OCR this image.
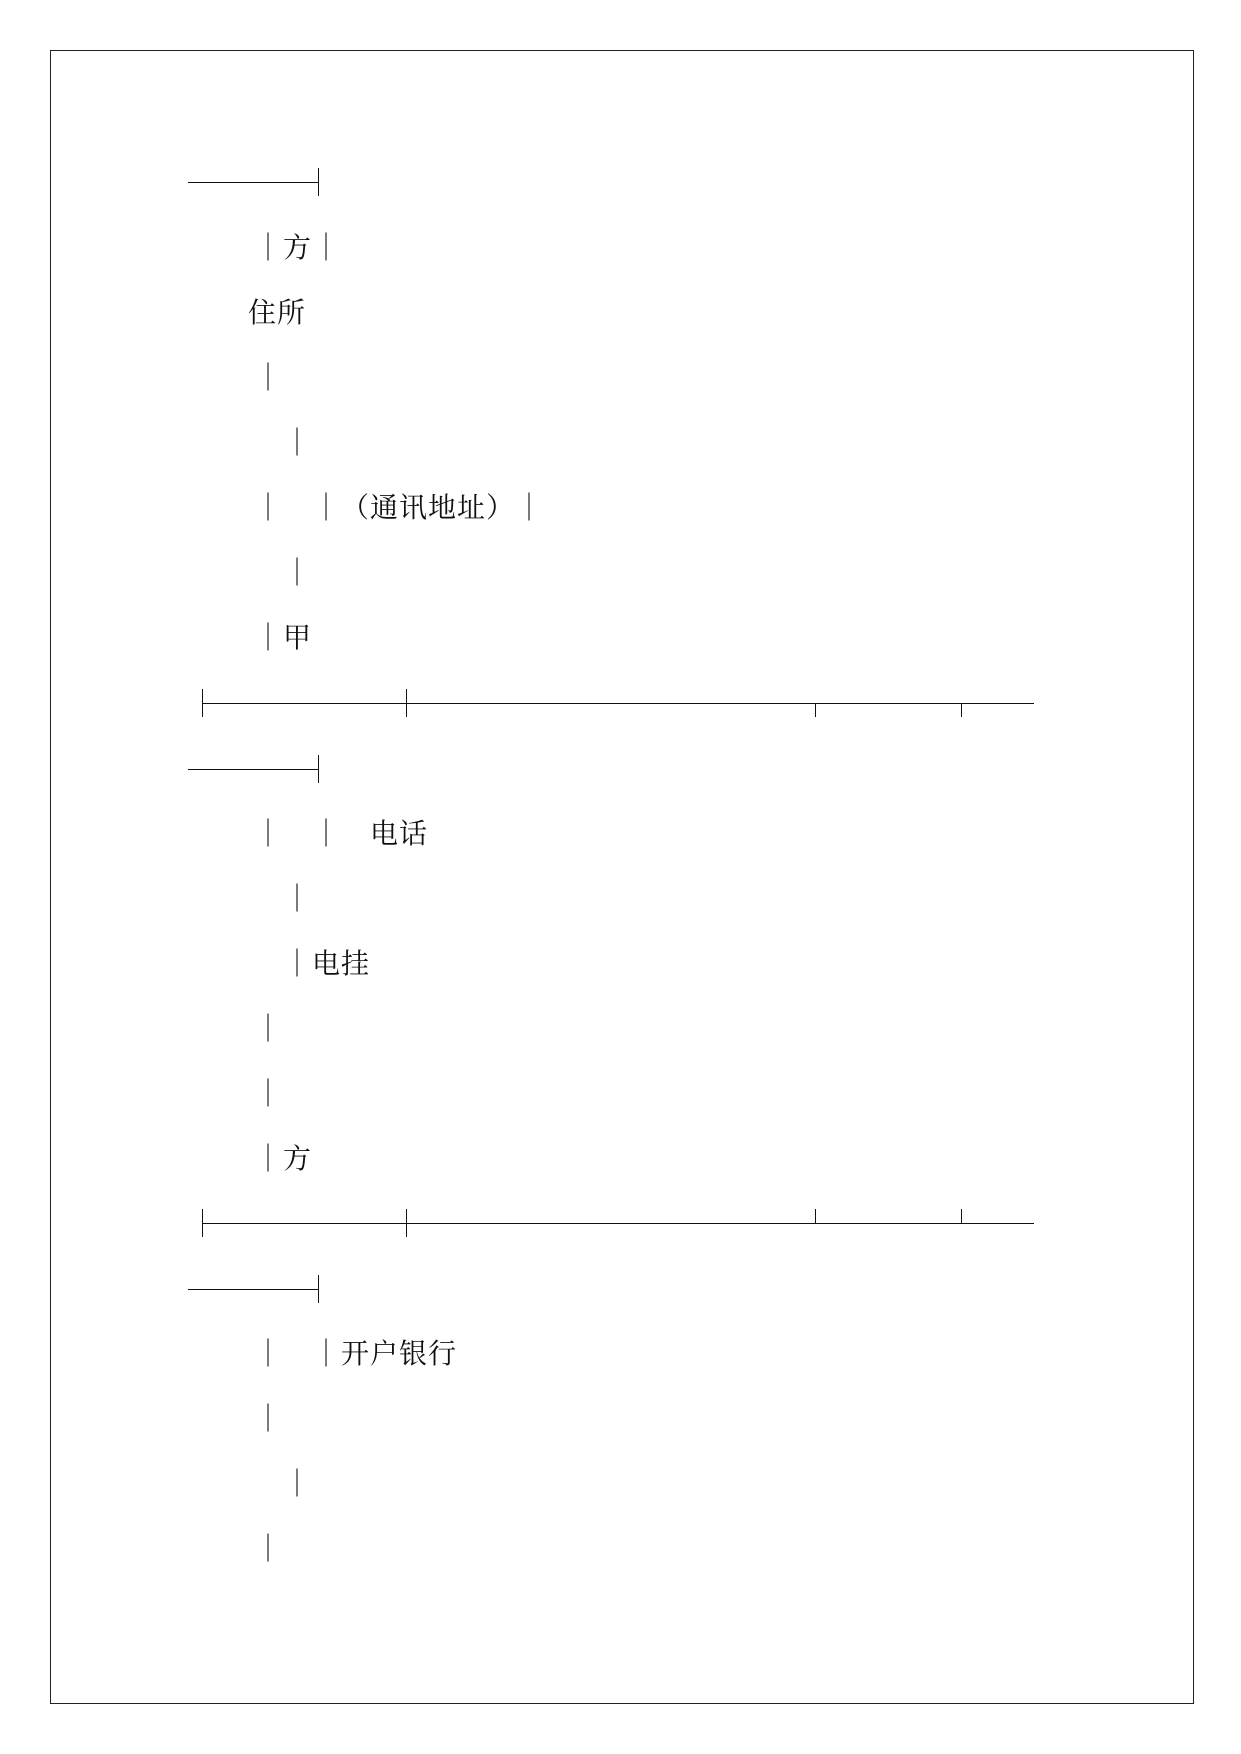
｜方｜
住所
｜
｜
｜　｜（通讯地址）｜
｜
｜甲
｜　｜　电话
｜
｜电挂
｜
｜
｜方
｜　｜开户银行
｜
｜
｜
